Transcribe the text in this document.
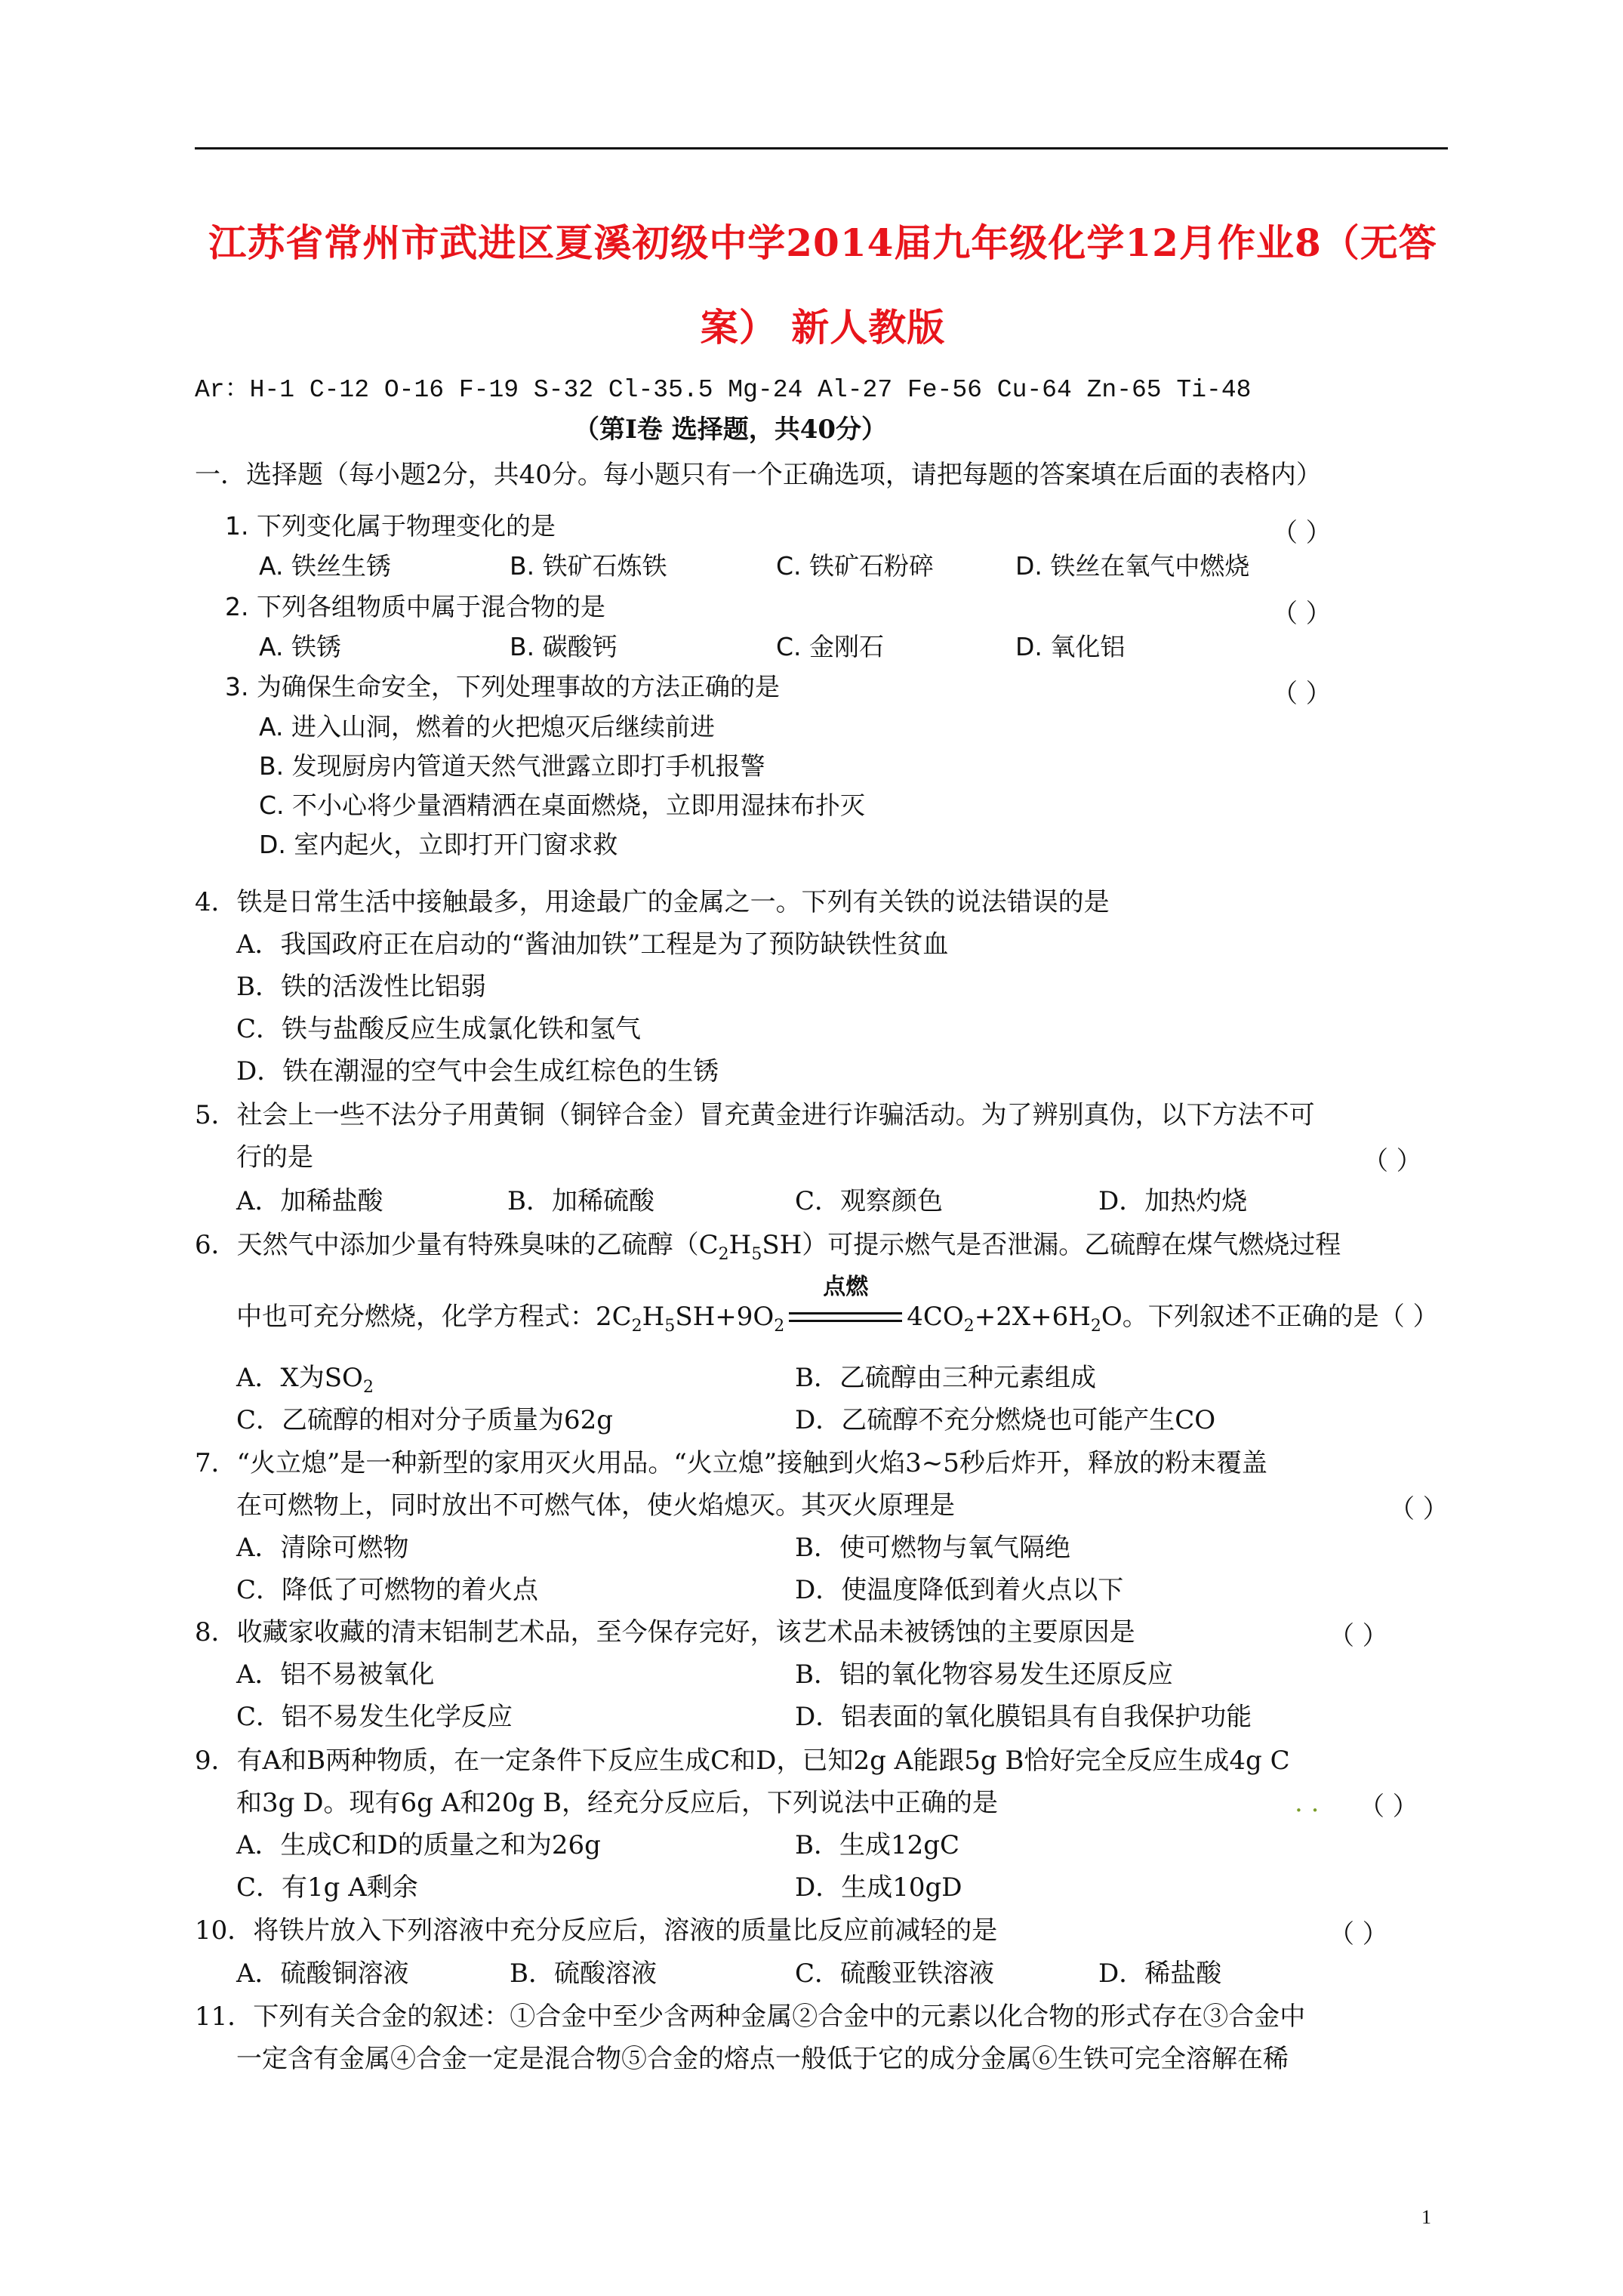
江苏省常州市武进区夏溪初级中学2014届九年级化学12月作业8（无答
案） 新人教版
Ar：H-1 C-12 O-16 F-19 S-32 Cl-35.5 Mg-24 Al-27 Fe-56 Cu-64 Zn-65 Ti-48
（第Ⅰ卷 选择题，共40分）
一．选择题（每小题2分，共40分。每小题只有一个正确选项，请把每题的答案填在后面的表格内）
1. 下列变化属于物理变化的是	（ ）
A. 铁丝生锈	B. 铁矿石炼铁	C. 铁矿石粉碎	D. 铁丝在氧气中燃烧
2. 下列各组物质中属于混合物的是	（ ）
A. 铁锈	B. 碳酸钙	C. 金刚石	D. 氧化铝
3. 为确保生命安全，下列处理事故的方法正确的是	（ ）
A. 进入山洞，燃着的火把熄灭后继续前进
B. 发现厨房内管道天然气泄露立即打手机报警
C. 不小心将少量酒精洒在桌面燃烧，立即用湿抹布扑灭
D. 室内起火，立即打开门窗求救
4．铁是日常生活中接触最多，用途最广的金属之一。下列有关铁的说法错误的是
A．我国政府正在启动的“酱油加铁”工程是为了预防缺铁性贫血
B．铁的活泼性比铝弱
C．铁与盐酸反应生成氯化铁和氢气
D．铁在潮湿的空气中会生成红棕色的生锈
5．社会上一些不法分子用黄铜（铜锌合金）冒充黄金进行诈骗活动。为了辨别真伪，以下方法不可
行的是	（ ）
A．加稀盐酸	B．加稀硫酸	C．观察颜色	D．加热灼烧
6．天然气中添加少量有特殊臭味的乙硫醇$(C_2H_5SH)$可提示燃气是否泄漏。乙硫醇在煤气燃烧过程
中也可充分燃烧，化学方程式：$2C_2H_5SH+9O_2$
点燃
$4CO_2+2X+6H_2O$。下列叙述不正确的是（ ）
A．X为$SO_2$	B．乙硫醇由三种元素组成
C．乙硫醇的相对分子质量为62g	D．乙硫醇不充分燃烧也可能产生CO
7．“火立熄”是一种新型的家用灭火用品。“火立熄”接触到火焰3~5秒后炸开，释放的粉末覆盖
在可燃物上，同时放出不可燃气体，使火焰熄灭。其灭火原理是	（ ）
A．清除可燃物	B．使可燃物与氧气隔绝
C．降低了可燃物的着火点	D．使温度降低到着火点以下
8．收藏家收藏的清末铝制艺术品，至今保存完好，该艺术品未被锈蚀的主要原因是	（ ）
A．铝不易被氧化	B．铝的氧化物容易发生还原反应
C．铝不易发生化学反应	D．铝表面的氧化膜铝具有自我保护功能
9．有A和B两种物质，在一定条件下反应生成C和D，已知2g A能跟5g B恰好完全反应生成4g C
和3g D。现有6g A和20g B，经充分反应后，下列说法中正确的是	. . （ ）
A．生成C和D的质量之和为26g	B．生成12gC
C．有1g A剩余	D．生成10gD
10．将铁片放入下列溶液中充分反应后，溶液的质量比反应前减轻的是	（ ）
A．硫酸铜溶液	B．硫酸溶液	C．硫酸亚铁溶液	D．稀盐酸
11．下列有关合金的叙述：①合金中至少含两种金属②合金中的元素以化合物的形式存在③合金中
一定含有金属④合金一定是混合物⑤合金的熔点一般低于它的成分金属⑥生铁可完全溶解在稀
1
